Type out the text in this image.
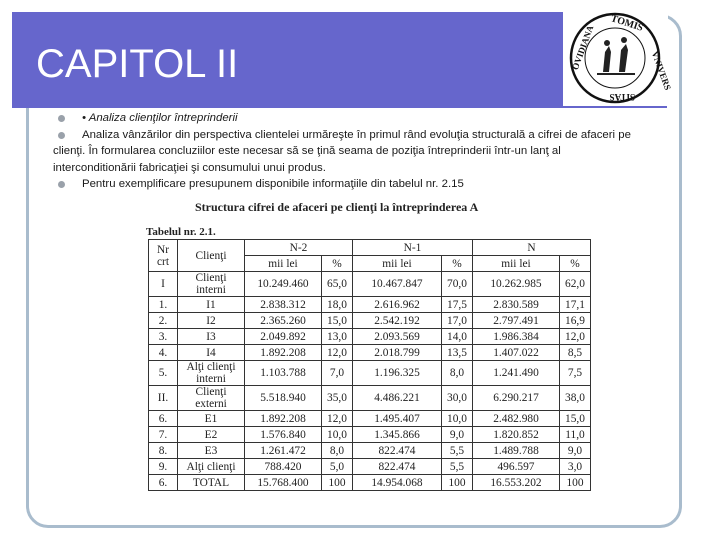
CAPITOL II
TOMIS
OVIDIANA	VNIVERS
SITAS
• Analiza clienţilor întreprinderii
Analiza vânzărilor din perspectiva clientelei urmăreşte în primul rând evoluţia structurală a cifrei de afaceri pe
clienţi. În formularea concluziilor este necesar să se ţină seama de poziţia întreprinderii într-un lanţ al
interconditionării fabricaţiei şi consumului unui produs.
Pentru exemplificare presupunem disponibile informaţiile din tabelul nr. 2.15
Structura cifrei de afaceri pe clienţi la întreprinderea A
Tabelul nr. 2.1.
Nr crt	Clienţi	N-2		N-1		N	
		mii lei	%	mii lei	%	mii lei	%
I	Clienţi interni	10.249.460	65,0	10.467.847	70,0	10.262.985	62,0
1.	I1	2.838.312	18,0	2.616.962	17,5	2.830.589	17,1
2.	I2	2.365.260	15,0	2.542.192	17,0	2.797.491	16,9
3.	I3	2.049.892	13,0	2.093.569	14,0	1.986.384	12,0
4.	I4	1.892.208	12,0	2.018.799	13,5	1.407.022	8,5
5.	Alţi clienţi interni	1.103.788	7,0	1.196.325	8,0	1.241.490	7,5
II.	Clienţi externi	5.518.940	35,0	4.486.221	30,0	6.290.217	38,0
6.	E1	1.892.208	12,0	1.495.407	10,0	2.482.980	15,0
7.	E2	1.576.840	10,0	1.345.866	9,0	1.820.852	11,0
8.	E3	1.261.472	8,0	822.474	5,5	1.489.788	9,0
9.	Alţi clienţi	788.420	5,0	822.474	5,5	496.597	3,0
6.	TOTAL	15.768.400	100	14.954.068	100	16.553.202	100
